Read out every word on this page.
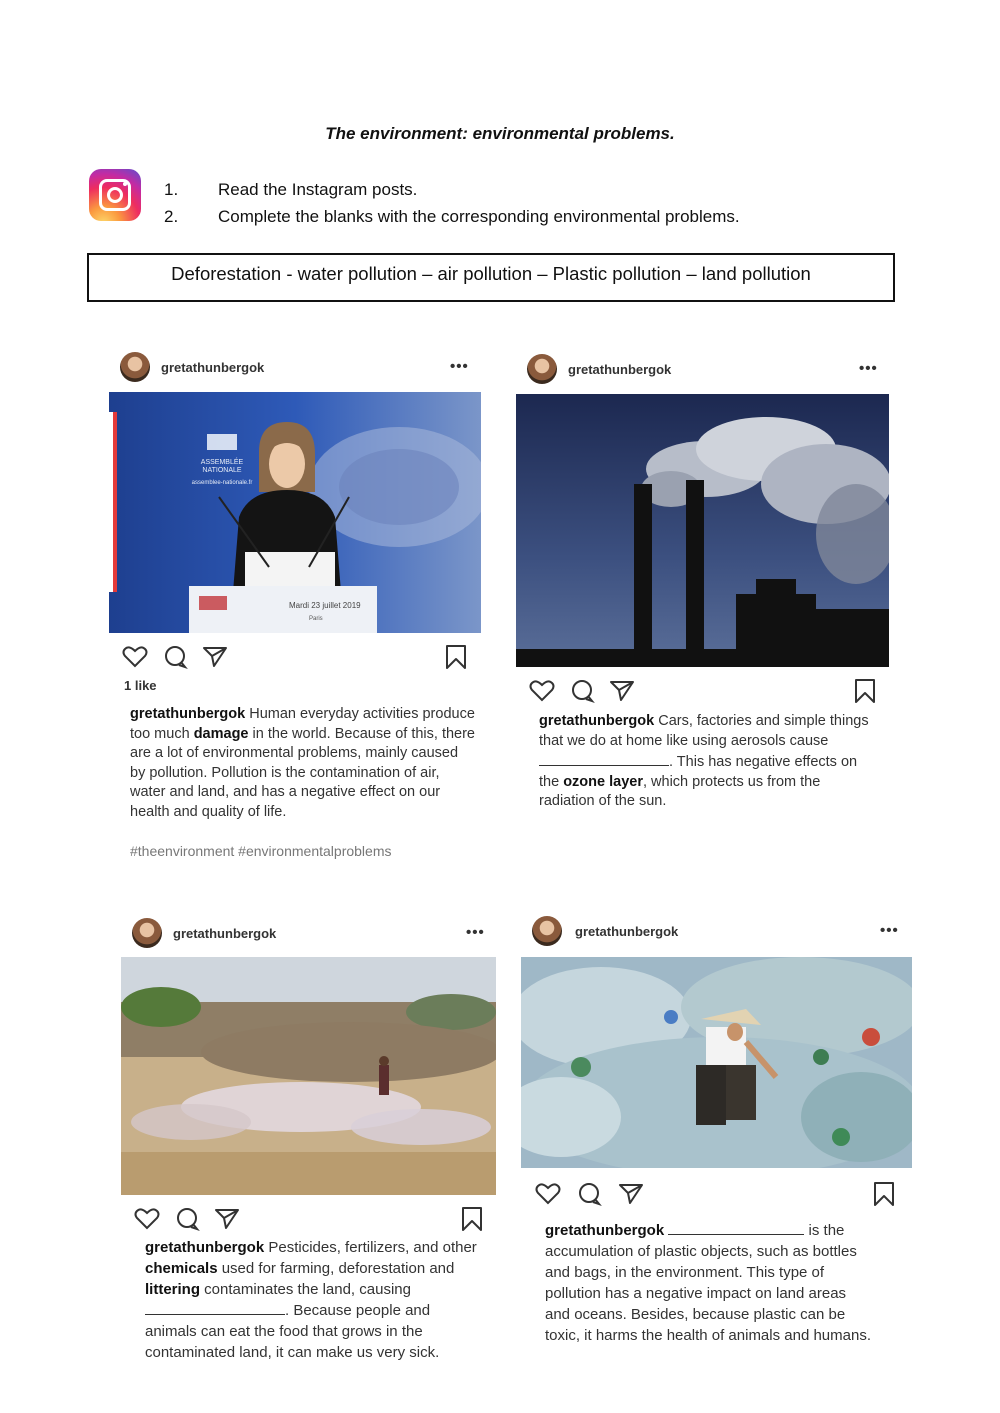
The environment: environmental problems.
1.	Read the Instagram posts.
2.	Complete the blanks with the corresponding environmental problems.
Deforestation - water pollution – air pollution – Plastic pollution – land pollution
gretathunbergok	•••
ASSEMBLÉE
NATIONALE
assemblee-nationale.fr
Mardi 23 juillet 2019
Paris
1 like
gretathunbergok Human everyday activities produce too much damage in the world. Because of this, there are a lot of environmental problems, mainly caused by pollution. Pollution is the contamination of air, water and land, and has a negative effect on our health and quality of life.
#theenvironment #environmentalproblems
gretathunbergok	•••
gretathunbergok Cars, factories and simple things that we do at home like using aerosols cause . This has negative effects on the ozone layer, which protects us from the radiation of the sun.
gretathunbergok	•••
gretathunbergok Pesticides, fertilizers, and other chemicals used for farming, deforestation and littering contaminates the land, causing . Because people and animals can eat the food that grows in the contaminated land, it can make us very sick.
gretathunbergok	•••
gretathunbergok	is the accumulation of plastic objects, such as bottles and bags, in the environment. This type of pollution has a negative impact on land areas and oceans. Besides, because plastic can be toxic, it harms the health of animals and humans.
